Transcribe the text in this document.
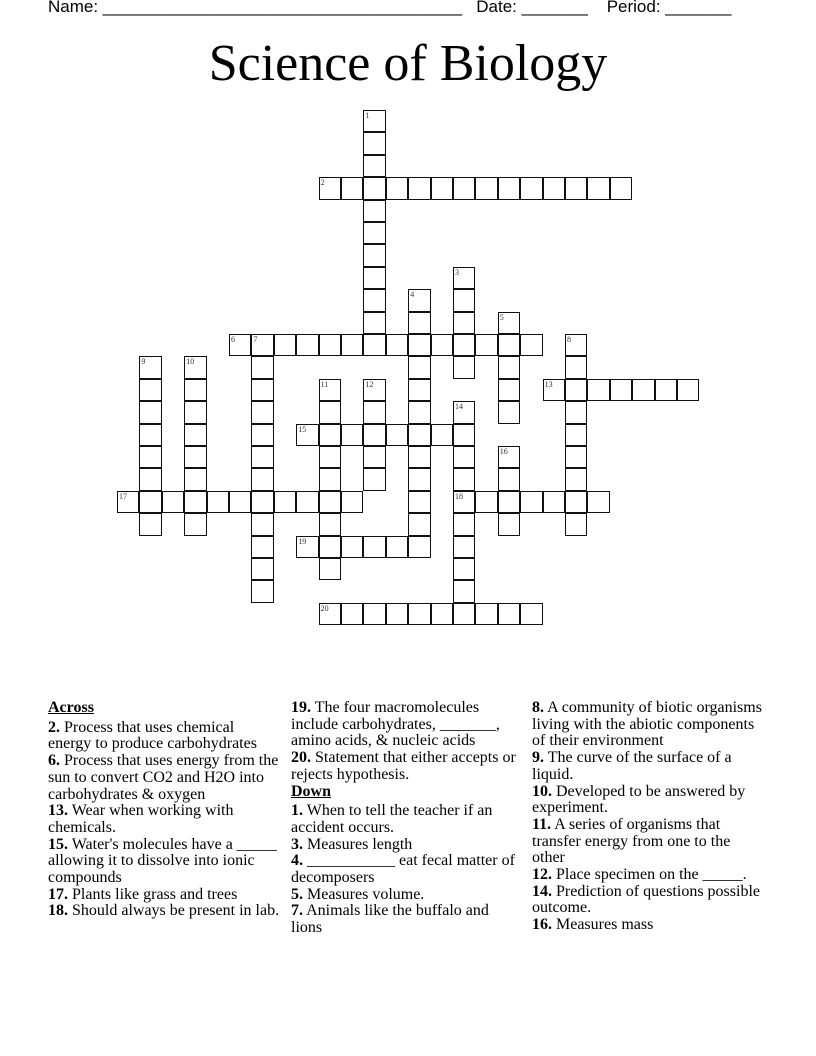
Name: ______________________________________ Date: _______ Period: _______
Science of Biology
1
2
3
4
5
6 7	8
9	10
11	12	13
14
18
15
16
17
19
20
Across
2. Process that uses chemical energy to produce carbohydrates
6. Process that uses energy from the sun to convert CO2 and H2O into carbohydrates & oxygen
13. Wear when working with chemicals.
15. Water's molecules have a _____ allowing it to dissolve into ionic compounds
17. Plants like grass and trees
18. Should always be present in lab.
19. The four macromolecules include carbohydrates, _______, amino acids, & nucleic acids
20. Statement that either accepts or rejects hypothesis.
Down
1. When to tell the teacher if an accident occurs.
3. Measures length
4. ___________ eat fecal matter of decomposers
5. Measures volume.
7. Animals like the buffalo and lions
8. A community of biotic organisms living with the abiotic components of their environment
9. The curve of the surface of a liquid.
10. Developed to be answered by experiment.
11. A series of organisms that transfer energy from one to the other
12. Place specimen on the _____.
14. Prediction of questions possible outcome.
16. Measures mass
